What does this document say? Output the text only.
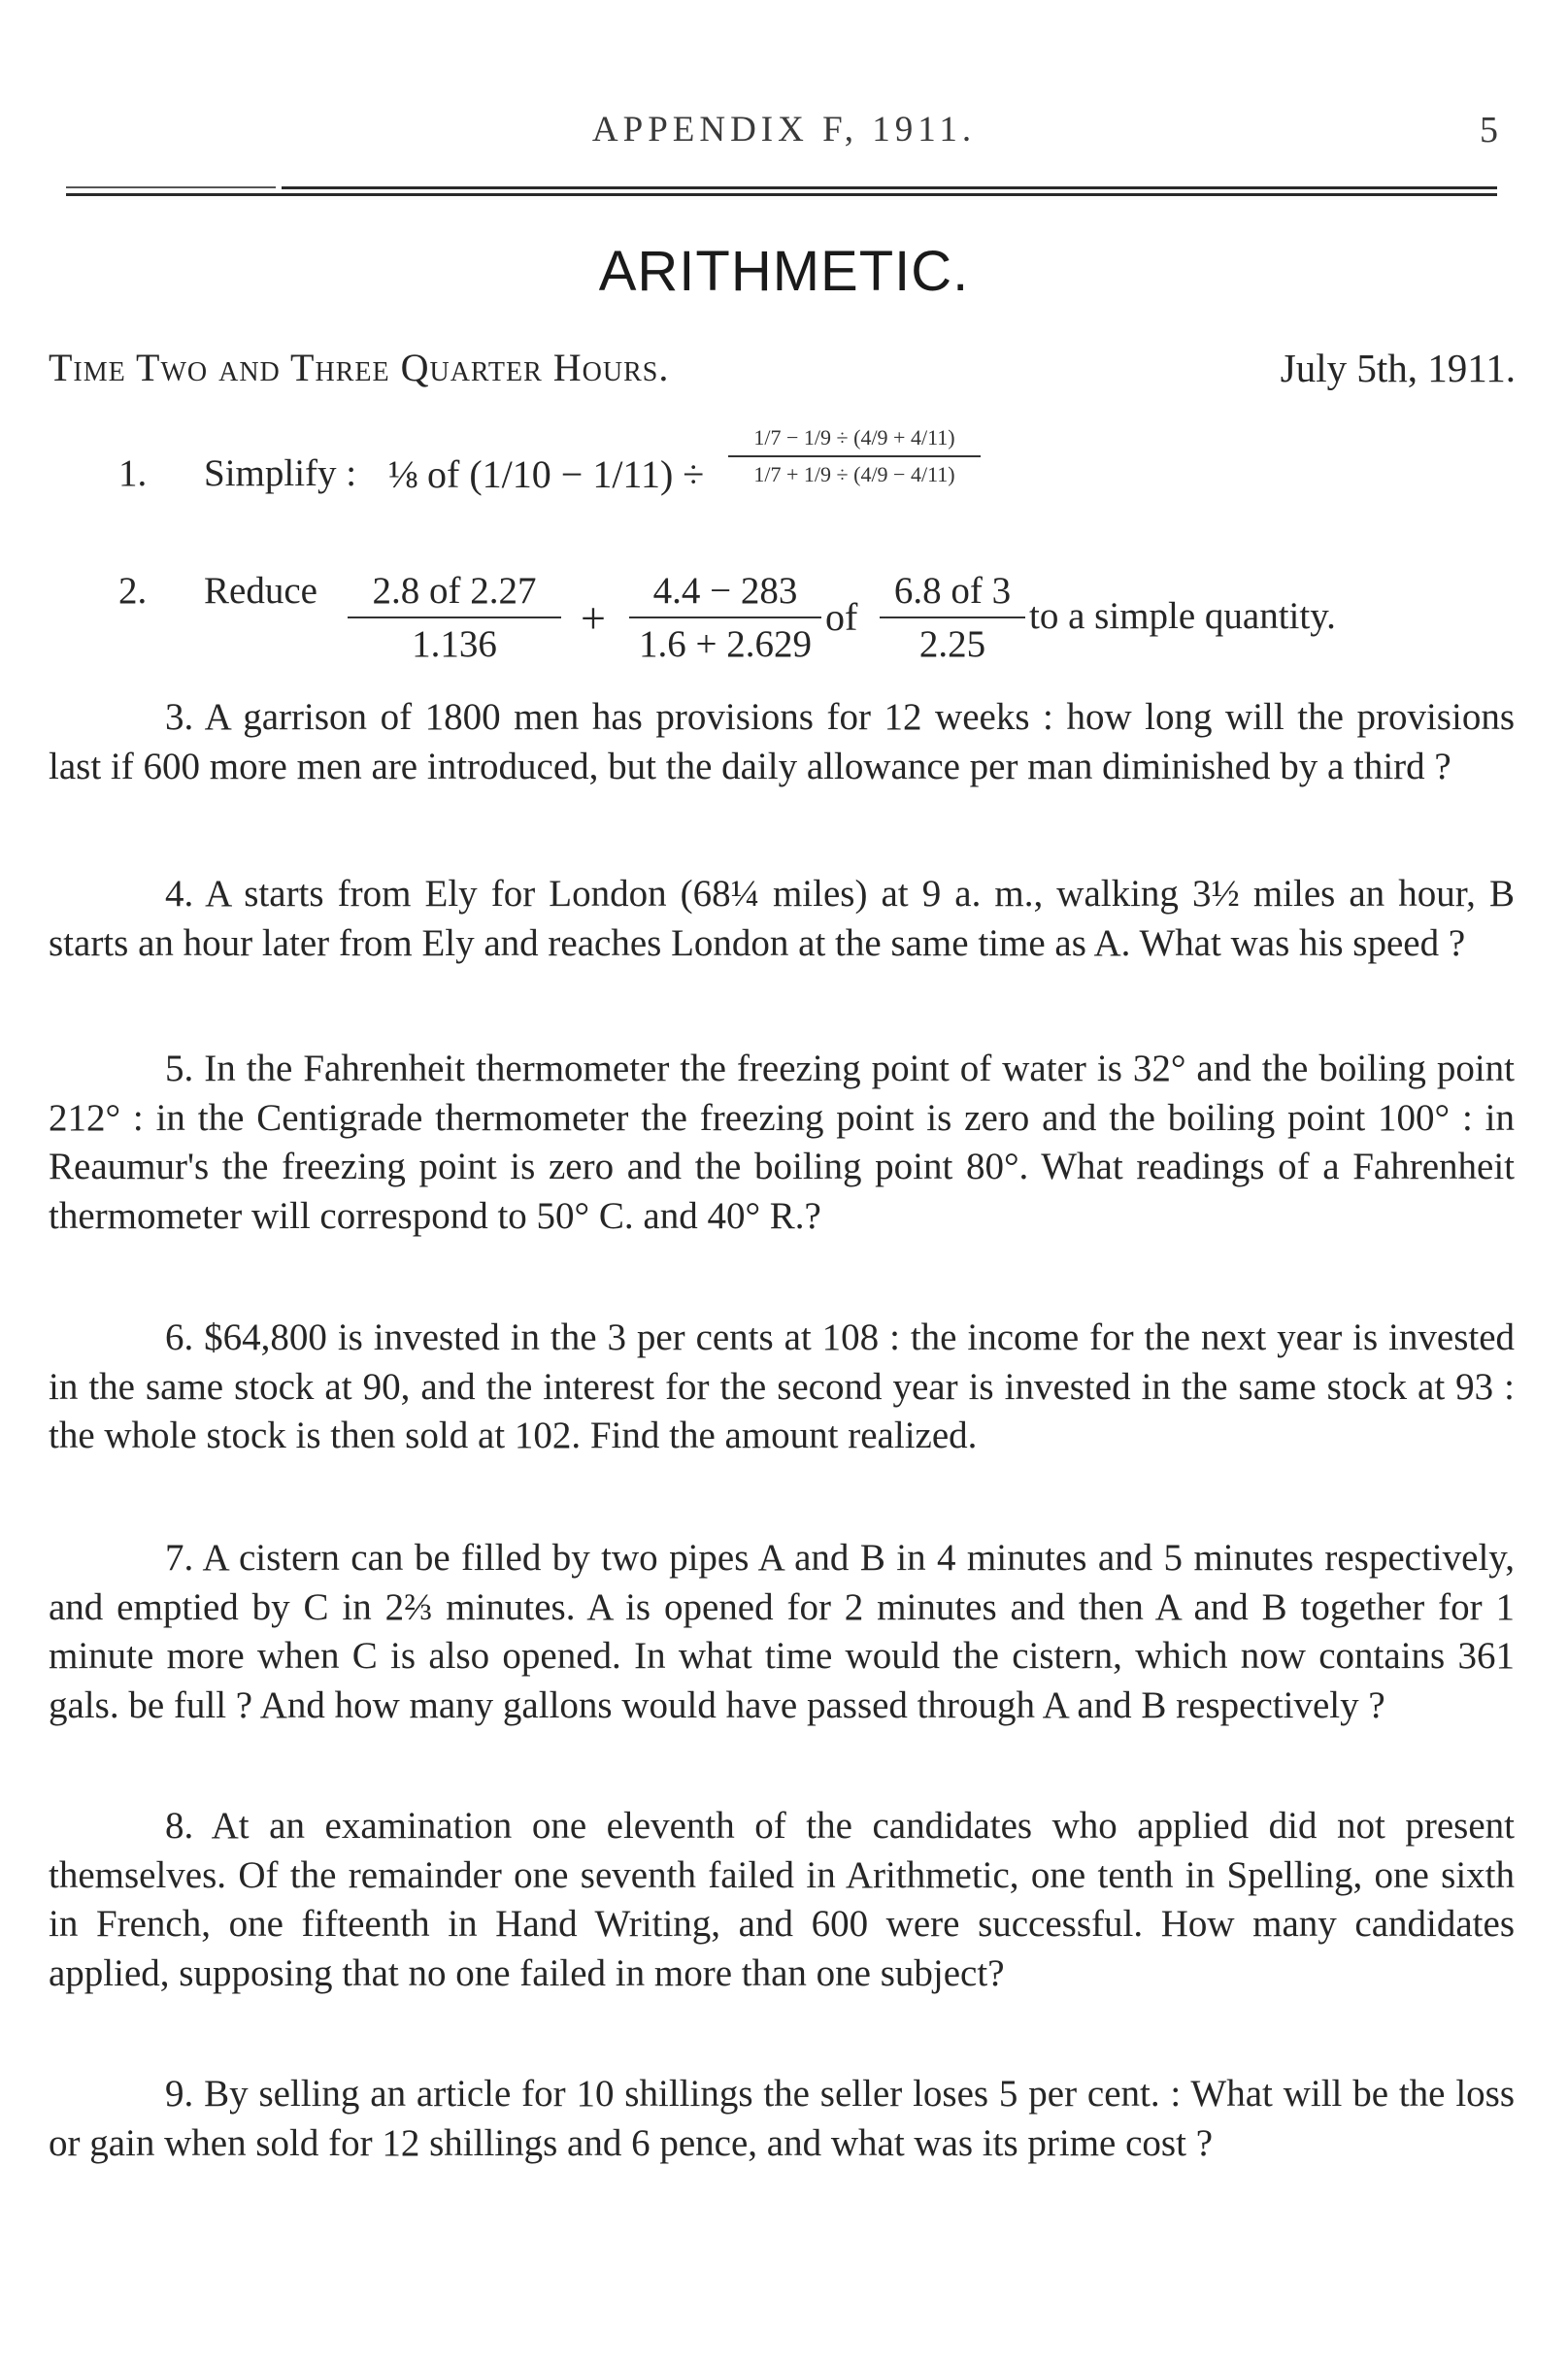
APPENDIX F, 1911.	5
ARITHMETIC.
Time Two and Three Quarter Hours.	July 5th, 1911.
1. Simplify : ⅛ of (1/10 − 1/11) ÷
1/7 − 1/9 ÷ (4/9 + 4/11)
1/7 + 1/9 ÷ (4/9 − 4/11)
2. Reduce	2.8 of 2.27
1.136
+
4.4 − 283
1.6 + 2.629
of
6.8 of 3
2.25
to a simple quantity.
3. A garrison of 1800 men has provisions for 12 weeks : how long will the provisions last if 600 more men are introduced, but the daily allowance per man diminished by a third ?
4. A starts from Ely for London (68¼ miles) at 9 a. m., walking 3½ miles an hour, B starts an hour later from Ely and reaches London at the same time as A. What was his speed ?
5. In the Fahrenheit thermometer the freezing point of water is 32° and the boiling point 212° : in the Centigrade thermometer the freezing point is zero and the boiling point 100° : in Reaumur's the freezing point is zero and the boiling point 80°. What readings of a Fahrenheit thermometer will correspond to 50° C. and 40° R.?
6. $64,800 is invested in the 3 per cents at 108 : the income for the next year is invested in the same stock at 90, and the interest for the second year is invested in the same stock at 93 : the whole stock is then sold at 102. Find the amount realized.
7. A cistern can be filled by two pipes A and B in 4 minutes and 5 minutes respectively, and emptied by C in 2⅔ minutes. A is opened for 2 minutes and then A and B together for 1 minute more when C is also opened. In what time would the cistern, which now contains 361 gals. be full ? And how many gallons would have passed through A and B respectively ?
8. At an examination one eleventh of the candidates who applied did not present themselves. Of the remainder one seventh failed in Arithmetic, one tenth in Spelling, one sixth in French, one fifteenth in Hand Writing, and 600 were successful. How many candidates applied, supposing that no one failed in more than one subject?
9. By selling an article for 10 shillings the seller loses 5 per cent. : What will be the loss or gain when sold for 12 shillings and 6 pence, and what was its prime cost ?
